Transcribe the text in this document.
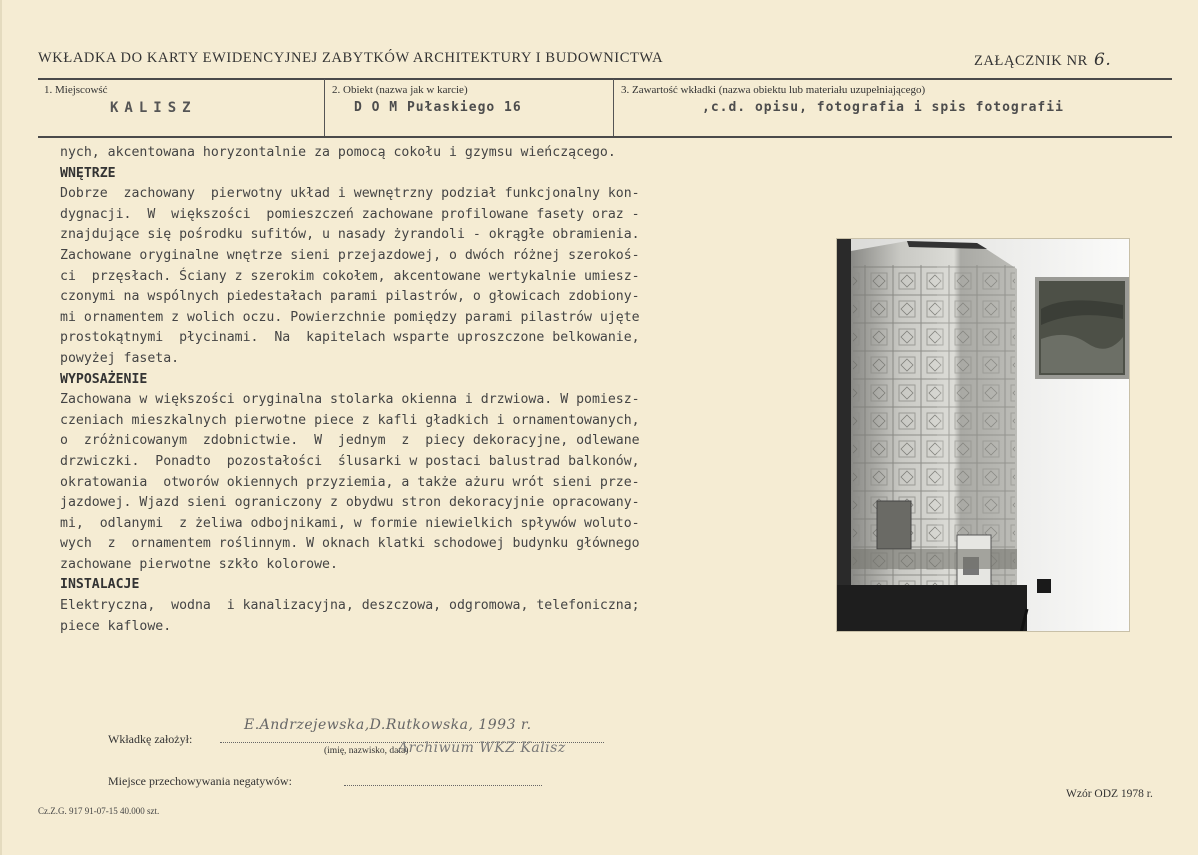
WKŁADKA DO KARTY EWIDENCYJNEJ ZABYTKÓW ARCHITEKTURY I BUDOWNICTWA	ZAŁĄCZNIK NR 6.
1. Miejscowść
KALISZ
2. Obiekt (nazwa jak w karcie)
D O M Pułaskiego 16
3. Zawartość wkładki (nazwa obiektu lub materiału uzupełniającego)
,c.d. opisu, fotografia i spis fotografii
nych, akcentowana horyzontalnie za pomocą cokołu i gzymsu wieńczącego.
WNĘTRZE
Dobrze  zachowany  pierwotny układ i wewnętrzny podział funkcjonalny kon-
dygnacji.  W  większości  pomieszczeń zachowane profilowane fasety oraz -
znajdujące się pośrodku sufitów, u nasady żyrandoli - okrągłe obramienia.
Zachowane oryginalne wnętrze sieni przejazdowej, o dwóch różnej szerokoś-
ci  przęsłach. Ściany z szerokim cokołem, akcentowane wertykalnie umiesz-
czonymi na wspólnych piedestałach parami pilastrów, o głowicach zdobiony-
mi ornamentem z wolich oczu. Powierzchnie pomiędzy parami pilastrów ujęte
prostokątnymi  płycinami.  Na  kapitelach wsparte uproszczone belkowanie,
powyżej faseta.
WYPOSAŻENIE
Zachowana w większości oryginalna stolarka okienna i drzwiowa. W pomiesz-
czeniach mieszkalnych pierwotne piece z kafli gładkich i ornamentowanych,
o  zróżnicowanym  zdobnictwie.  W  jednym  z  piecy dekoracyjne, odlewane
drzwiczki.  Ponadto  pozostałości  ślusarki w postaci balustrad balkonów,
okratowania  otworów okiennych przyziemia, a także ażuru wrót sieni prze-
jazdowej. Wjazd sieni ograniczony z obydwu stron dekoracyjnie opracowany-
mi,  odlanymi  z żeliwa odbojnikami, w formie niewielkich spływów woluto-
wych  z  ornamentem roślinnym. W oknach klatki schodowej budynku głównego
zachowane pierwotne szkło kolorowe.
INSTALACJE
Elektryczna,  wodna  i kanalizacyjna, deszczowa, odgromowa, telefoniczna;
piece kaflowe.
Wkładkę założył:
E.Andrzejewska,D.Rutkowska, 1993 r.
(imię, nazwisko, data)
Archiwum WKZ Kalisz
Miejsce przechowywania negatywów:
Cz.Z.G. 917 91-07-15 40.000 szt.
Wzór ODZ 1978 r.
